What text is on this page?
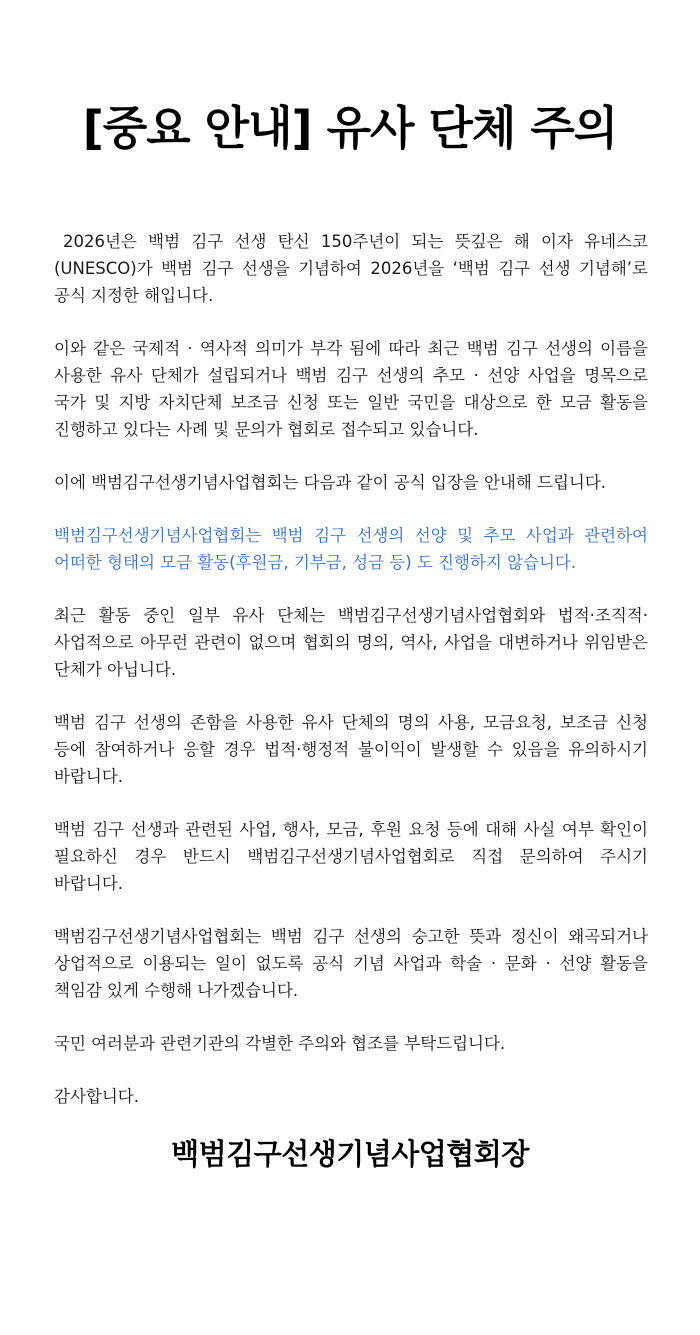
[중요 안내] 유사 단체 주의

2026년은 백범 김구 선생 탄신 150주년이 되는 뜻깊은 해 이자 유네스코(UNESCO)가 백범 김구 선생을 기념하여 2026년을 ‘백범 김구 선생 기념해’로 공식 지정한 해입니다.

이와 같은 국제적 · 역사적 의미가 부각 됨에 따라 최근 백범 김구 선생의 이름을 사용한 유사 단체가 설립되거나 백범 김구 선생의 추모 · 선양 사업을 명목으로 국가 및 지방 자치단체 보조금 신청 또는 일반 국민을 대상으로 한 모금 활동을 진행하고 있다는 사례 및 문의가 협회로 접수되고 있습니다.

이에 백범김구선생기념사업협회는 다음과 같이 공식 입장을 안내해 드립니다.

백범김구선생기념사업협회는 백범 김구 선생의 선양 및 추모 사업과 관련하여 어떠한 형태의 모금 활동(후원금, 기부금, 성금 등) 도 진행하지 않습니다.

최근 활동 중인 일부 유사 단체는 백범김구선생기념사업협회와 법적·조직적·사업적으로 아무런 관련이 없으며 협회의 명의, 역사, 사업을 대변하거나 위임받은 단체가 아닙니다.

백범 김구 선생의 존함을 사용한 유사 단체의 명의 사용, 모금요청, 보조금 신청 등에 참여하거나 응할 경우 법적·행정적 불이익이 발생할 수 있음을 유의하시기 바랍니다.

백범 김구 선생과 관련된 사업, 행사, 모금, 후원 요청 등에 대해 사실 여부 확인이 필요하신 경우 반드시 백범김구선생기념사업협회로 직접 문의하여 주시기 바랍니다.

백범김구선생기념사업협회는 백범 김구 선생의 숭고한 뜻과 정신이 왜곡되거나 상업적으로 이용되는 일이 없도록 공식 기념 사업과 학술 · 문화 · 선양 활동을 책임감 있게 수행해 나가겠습니다.

국민 여러분과 관련기관의 각별한 주의와 협조를 부탁드립니다.

감사합니다.

백범김구선생기념사업협회장
